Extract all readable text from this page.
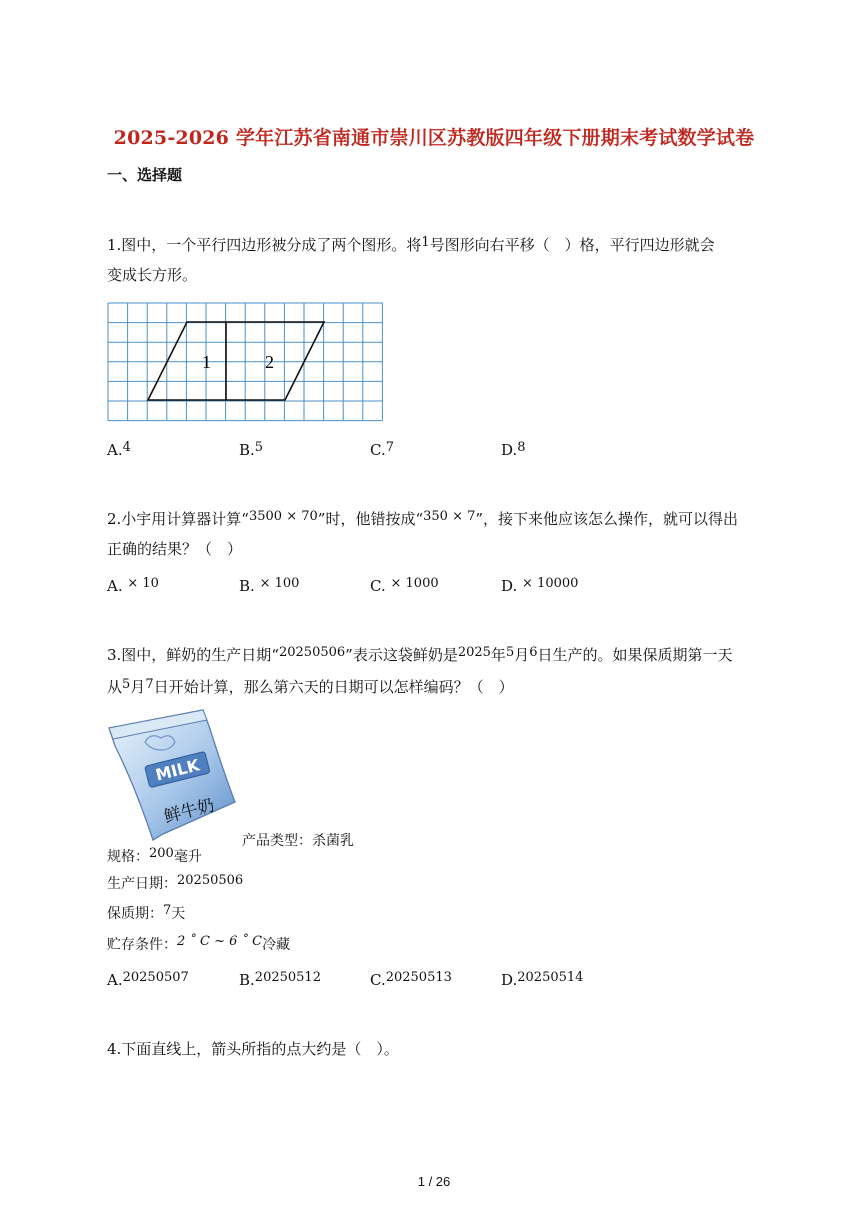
2025-2026 学年江苏省南通市崇川区苏教版四年级下册期末考试数学试卷
一、选择题
1.图中，一个平行四边形被分成了两个图形。将1号图形向右平移（　）格，平行四边形就会
变成长方形。
1	2
A.$^4$	B.$^5$	C.$^7$	D.$^8$
2.小宇用计算器计算“3500 × 70”时，他错按成“350 × 7”，接下来他应该怎么操作，就可以得出
正确的结果？（　）
A. $^{\times 10}$	B. $^{\times 100}$	C. $^{\times 1000}$	D. $^{\times 10000}$
3.图中，鲜奶的生产日期“20250506”表示这袋鲜奶是2025年5月6日生产的。如果保质期第一天
从5月7日开始计算，那么第六天的日期可以怎样编码？（　）
MILK
鲜牛奶
产品类型：杀菌乳
规格：200毫升
生产日期：20250506
保质期：7天
贮存条件：2 ˚ C ~ 6 ˚ C冷藏
A.$^{20250507}$	B.$^{20250512}$	C.$^{20250513}$	D.$^{20250514}$
4.下面直线上，箭头所指的点大约是（　）。
1 / 26
